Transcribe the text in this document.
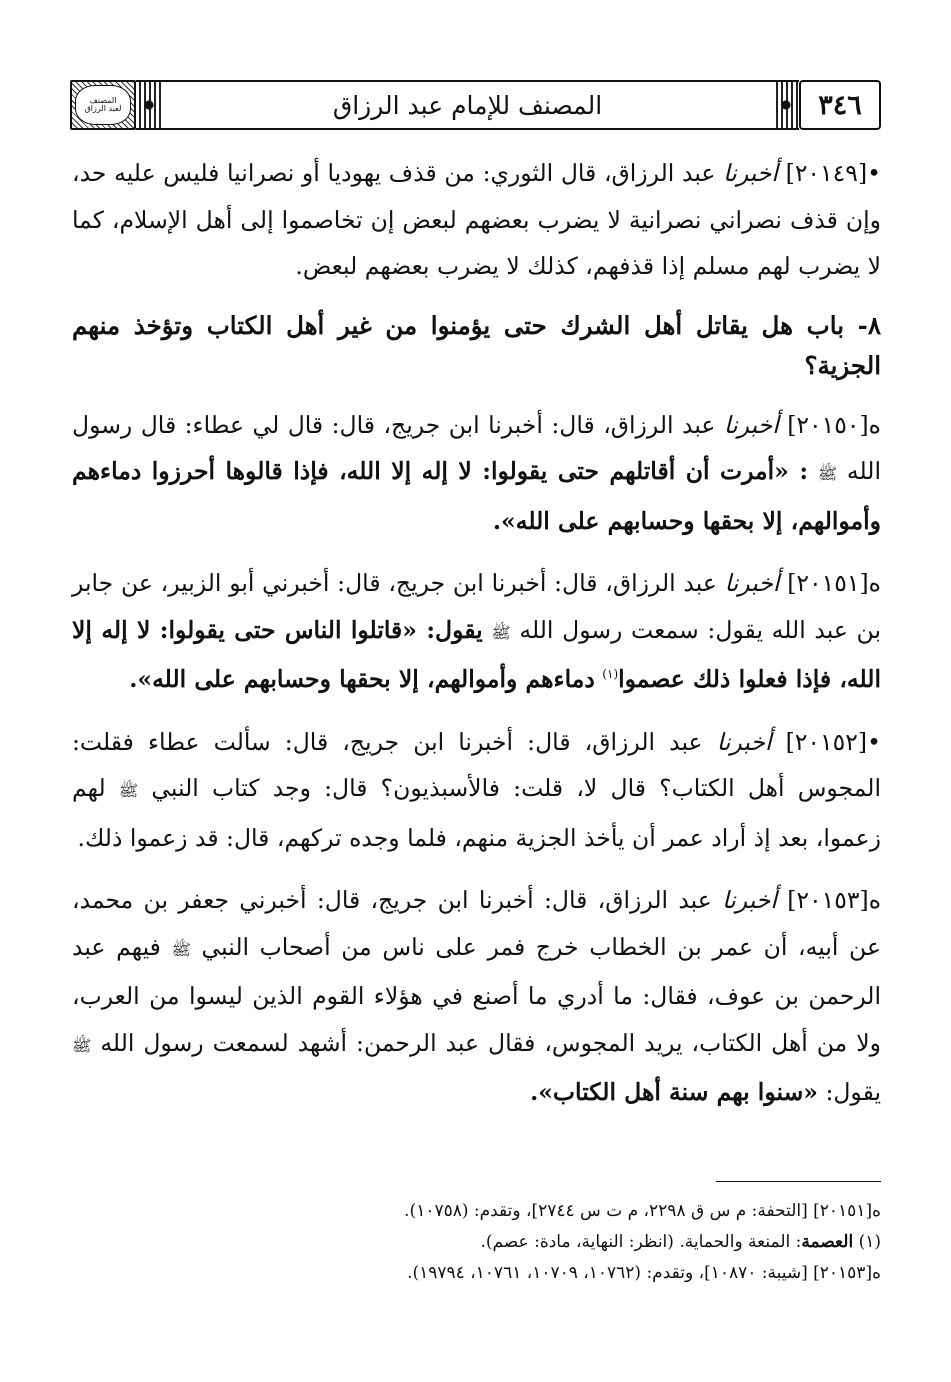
المصنف
لعبد الرزاق	المصنف للإمام عبد الرزاق	٣٤٦

•[٢٠١٤٩] أخبرنا عبد الرزاق، قال الثوري: من قذف يهوديا أو نصرانيا فليس عليه حد، وإن قذف نصراني نصرانية لا يضرب بعضهم لبعض إن تخاصموا إلى أهل الإسلام، كما لا يضرب لهم مسلم إذا قذفهم، كذلك لا يضرب بعضهم لبعض.

٨- باب هل يقاتل أهل الشرك حتى يؤمنوا من غير أهل الكتاب وتؤخذ منهم الجزية؟

ه[٢٠١٥٠] أخبرنا عبد الرزاق، قال: أخبرنا ابن جريج، قال: قال لي عطاء: قال رسول الله ﷺ : «أمرت أن أقاتلهم حتى يقولوا: لا إله إلا الله، فإذا قالوها أحرزوا دماءهم وأموالهم، إلا بحقها وحسابهم على الله».

ه[٢٠١٥١] أخبرنا عبد الرزاق، قال: أخبرنا ابن جريج، قال: أخبرني أبو الزبير، عن جابر بن عبد الله يقول: سمعت رسول الله ﷺ يقول: «قاتلوا الناس حتى يقولوا: لا إله إلا الله، فإذا فعلوا ذلك عصموا$^{(١)}$ دماءهم وأموالهم، إلا بحقها وحسابهم على الله».

•[٢٠١٥٢] أخبرنا عبد الرزاق، قال: أخبرنا ابن جريج، قال: سألت عطاء فقلت: المجوس أهل الكتاب؟ قال لا، قلت: فالأسبذيون؟ قال: وجد كتاب النبي ﷺ لهم زعموا، بعد إذ أراد عمر أن يأخذ الجزية منهم، فلما وجده تركهم، قال: قد زعموا ذلك.

ه[٢٠١٥٣] أخبرنا عبد الرزاق، قال: أخبرنا ابن جريج، قال: أخبرني جعفر بن محمد، عن أبيه، أن عمر بن الخطاب خرج فمر على ناس من أصحاب النبي ﷺ فيهم عبد الرحمن بن عوف، فقال: ما أدري ما أصنع في هؤلاء القوم الذين ليسوا من العرب، ولا من أهل الكتاب، يريد المجوس، فقال عبد الرحمن: أشهد لسمعت رسول الله ﷺ يقول: «سنوا بهم سنة أهل الكتاب».

ه[٢٠١٥١] [التحفة: م س ق ٢٢٩٨، م ت س ٢٧٤٤]، وتقدم: (١٠٧٥٨).

(١) العصمة: المنعة والحماية. (انظر: النهاية، مادة: عصم).

ه[٢٠١٥٣] [شيبة: ١٠٨٧٠]، وتقدم: (١٠٧٦٢، ١٠٧٠٩، ١٠٧٦١، ١٩٧٩٤).
